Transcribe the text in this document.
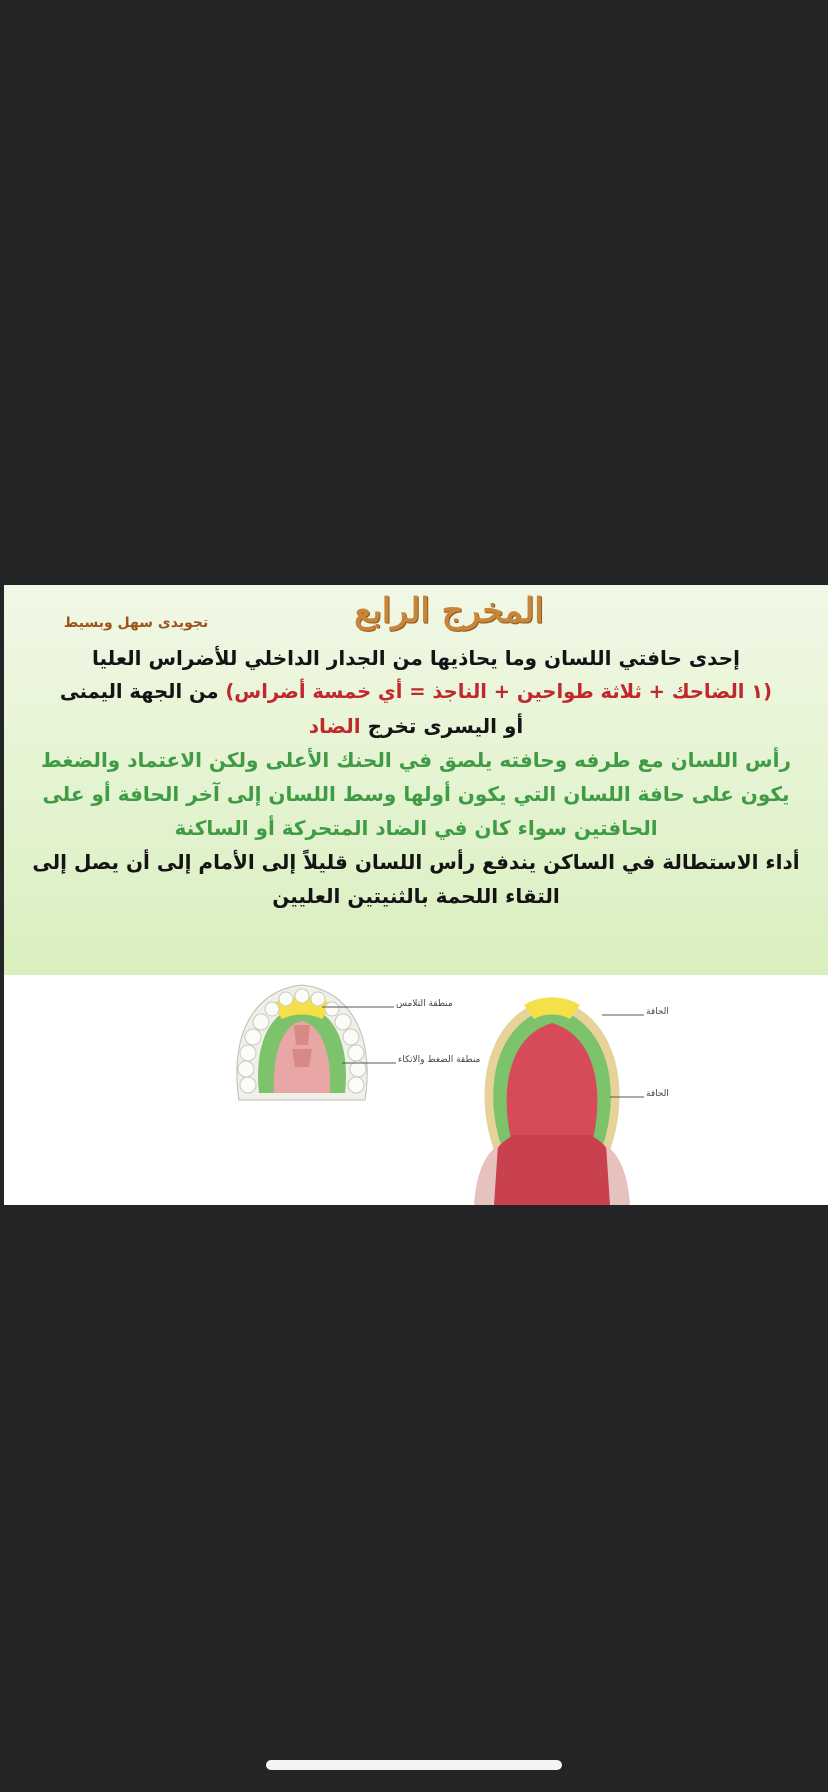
المخرج الرابع
تجويدى سهل وبسيط
إحدى حافتي اللسان وما يحاذيها من الجدار الداخلي للأضراس العليا
(١ الضاحك + ثلاثة طواحين + الناجذ = أي خمسة أضراس) من الجهة اليمنى
أو اليسرى تخرج الضاد
رأس اللسان مع طرفه وحافته يلصق في الحنك الأعلى ولكن الاعتماد والضغط
يكون على حافة اللسان التي يكون أولها وسط اللسان إلى آخر الحافة أو على
الحافتين سواء كان في الضاد المتحركة أو الساكنة
أداء الاستطالة في الساكن يندفع رأس اللسان قليلاً إلى الأمام إلى أن يصل إلى
التقاء اللحمة بالثنيتين العليين
منطقة التلامس
منطقة الضغط والاتكاء
الحافة
الحافة
